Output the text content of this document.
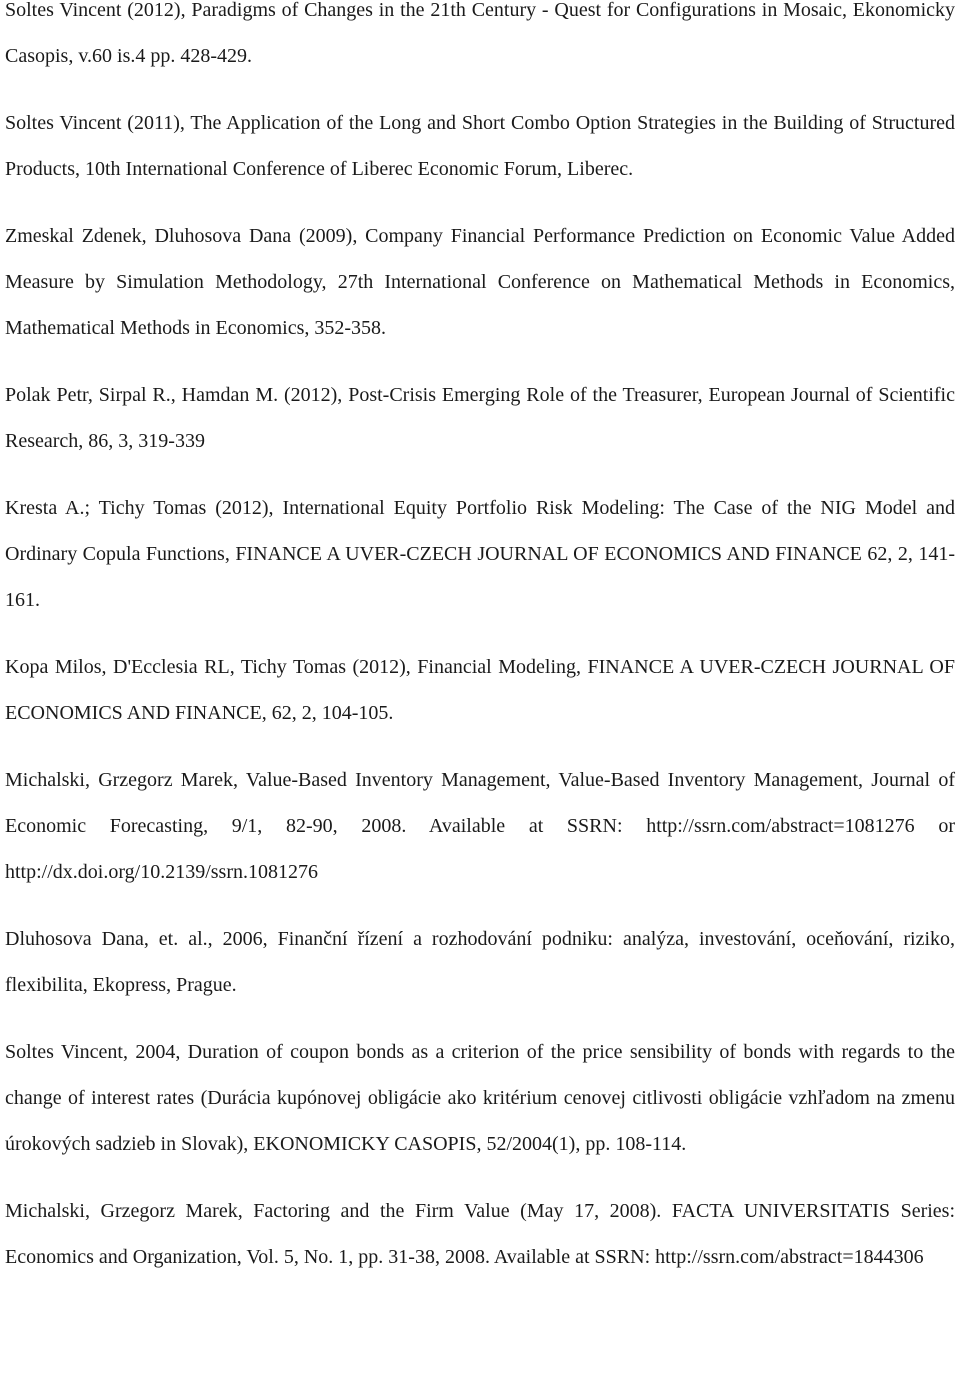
Soltes Vincent (2012), Paradigms of Changes in the 21th Century - Quest for Configurations in Mosaic, Ekonomicky Casopis, v.60 is.4 pp. 428-429.

Soltes Vincent (2011), The Application of the Long and Short Combo Option Strategies in the Building of Structured Products, 10th International Conference of Liberec Economic Forum, Liberec.

Zmeskal Zdenek, Dluhosova Dana (2009), Company Financial Performance Prediction on Economic Value Added Measure by Simulation Methodology, 27th International Conference on Mathematical Methods in Economics, Mathematical Methods in Economics, 352-358.

Polak Petr, Sirpal R., Hamdan M. (2012), Post-Crisis Emerging Role of the Treasurer, European Journal of Scientific Research, 86, 3, 319-339

Kresta A.; Tichy Tomas (2012), International Equity Portfolio Risk Modeling: The Case of the NIG Model and Ordinary Copula Functions, FINANCE A UVER-CZECH JOURNAL OF ECONOMICS AND FINANCE 62, 2, 141-161.

Kopa Milos, D'Ecclesia RL, Tichy Tomas (2012), Financial Modeling, FINANCE A UVER-CZECH JOURNAL OF ECONOMICS AND FINANCE, 62, 2, 104-105.

Michalski, Grzegorz Marek, Value-Based Inventory Management, Value-Based Inventory Management, Journal of Economic Forecasting, 9/1, 82-90, 2008. Available at SSRN: http://ssrn.com/abstract=1081276 or http://dx.doi.org/10.2139/ssrn.1081276

Dluhosova Dana, et. al., 2006, Finanční řízení a rozhodování podniku: analýza, investování, oceňování, riziko, flexibilita, Ekopress, Prague.

Soltes Vincent, 2004, Duration of coupon bonds as a criterion of the price sensibility of bonds with regards to the change of interest rates (Durácia kupónovej obligácie ako kritérium cenovej citlivosti obligácie vzhľadom na zmenu úrokových sadzieb in Slovak), EKONOMICKY CASOPIS, 52/2004(1), pp. 108-114.

Michalski, Grzegorz Marek, Factoring and the Firm Value (May 17, 2008). FACTA UNIVERSITATIS Series: Economics and Organization, Vol. 5, No. 1, pp. 31-38, 2008. Available at SSRN: http://ssrn.com/abstract=1844306
